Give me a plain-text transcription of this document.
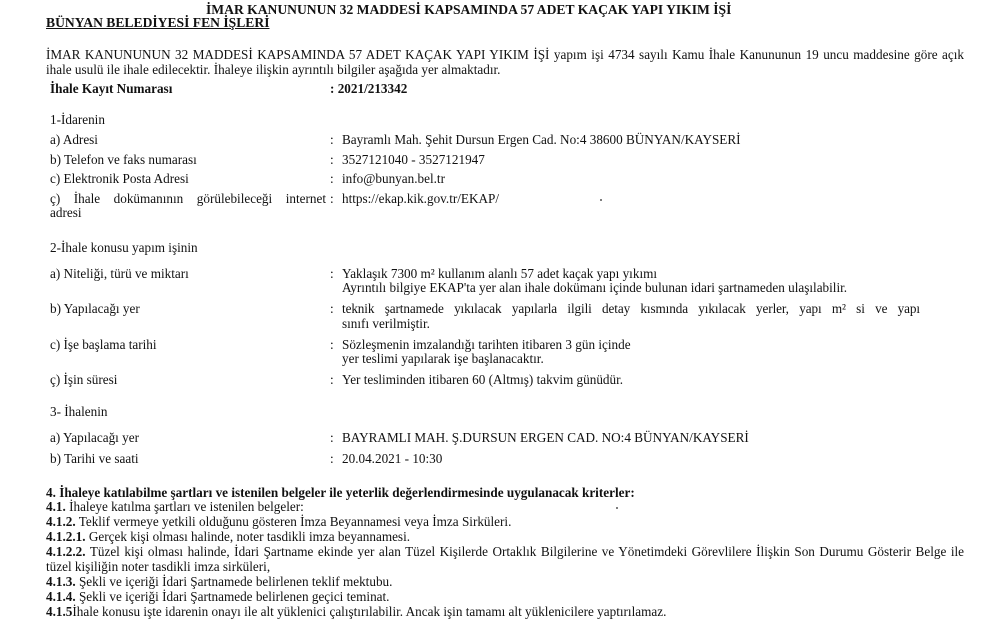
İMAR KANUNUNUN 32 MADDESİ KAPSAMINDA 57 ADET KAÇAK YAPI YIKIM İŞİ
BÜNYAN BELEDİYESİ FEN İŞLERİ
İMAR KANUNUNUN 32 MADDESİ KAPSAMINDA 57 ADET KAÇAK YAPI YIKIM İŞİ yapım işi 4734 sayılı Kamu İhale Kanununun 19 uncu maddesine göre açık ihale usulü ile ihale edilecektir. İhaleye ilişkin ayrıntılı bilgiler aşağıda yer almaktadır.
İhale Kayıt Numarası	: 2021/213342
1-İdarenin
a) Adresi	: Bayramlı Mah. Şehit Dursun Ergen Cad. No:4 38600 BÜNYAN/KAYSERİ
b) Telefon ve faks numarası	: 3527121040 - 3527121947
c) Elektronik Posta Adresi	: info@bunyan.bel.tr
ç) İhale dokümanının görülebileceği internet
adresi
: https://ekap.kik.gov.tr/EKAP/
2-İhale konusu yapım işinin
a) Niteliği, türü ve miktarı	: Yaklaşık 7300 m² kullanım alanlı 57 adet kaçak yapı yıkımı
Ayrıntılı bilgiye EKAP'ta yer alan ihale dokümanı içinde bulunan idari şartnameden ulaşılabilir.
b) Yapılacağı yer	: teknik şartnamede yıkılacak yapılarla ilgili detay kısmında yıkılacak yerler, yapı m² si ve yapı
sınıfı verilmiştir.
c) İşe başlama tarihi	: Sözleşmenin imzalandığı tarihten itibaren 3 gün içinde
yer teslimi yapılarak işe başlanacaktır.
ç) İşin süresi	: Yer tesliminden itibaren 60 (Altmış) takvim günüdür.
3- İhalenin
a) Yapılacağı yer	: BAYRAMLI MAH. Ş.DURSUN ERGEN CAD. NO:4 BÜNYAN/KAYSERİ
b) Tarihi ve saati	: 20.04.2021 - 10:30
4. İhaleye katılabilme şartları ve istenilen belgeler ile yeterlik değerlendirmesinde uygulanacak kriterler:
4.1. İhaleye katılma şartları ve istenilen belgeler:
4.1.2. Teklif vermeye yetkili olduğunu gösteren İmza Beyannamesi veya İmza Sirküleri.
4.1.2.1. Gerçek kişi olması halinde, noter tasdikli imza beyannamesi.
4.1.2.2. Tüzel kişi olması halinde, İdari Şartname ekinde yer alan Tüzel Kişilerde Ortaklık Bilgilerine ve Yönetimdeki Görevlilere İlişkin Son Durumu Gösterir Belge ile tüzel kişiliğin noter tasdikli imza sirküleri,
4.1.3. Şekli ve içeriği İdari Şartnamede belirlenen teklif mektubu.
4.1.4. Şekli ve içeriği İdari Şartnamede belirlenen geçici teminat.
4.1.5İhale konusu işte idarenin onayı ile alt yüklenici çalıştırılabilir. Ancak işin tamamı alt yüklenicilere yaptırılamaz.
